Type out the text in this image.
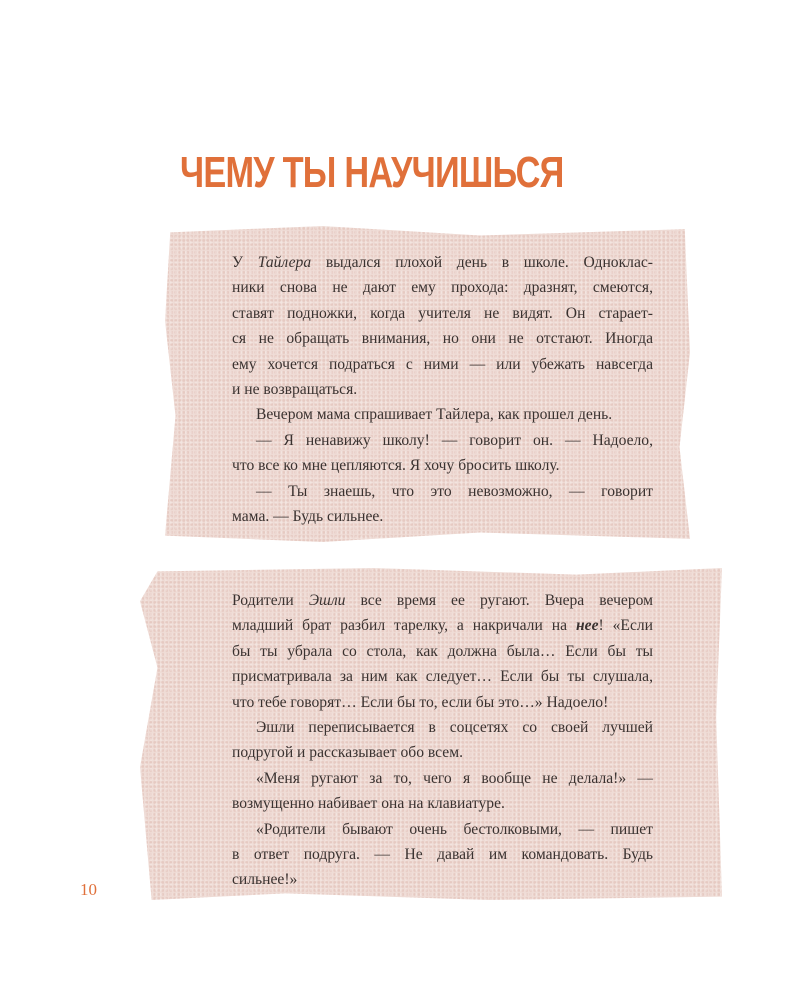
ЧЕМУ ТЫ НАУЧИШЬСЯ
У Тайлера выдался плохой день в школе. Одноклас-
ники снова не дают ему прохода: дразнят, смеются,
ставят подножки, когда учителя не видят. Он старает-
ся не обращать внимания, но они не отстают. Иногда
ему хочется подраться с ними — или убежать навсегда
и не возвращаться.
Вечером мама спрашивает Тайлера, как прошел день.
— Я ненавижу школу! — говорит он. — Надоело,
что все ко мне цепляются. Я хочу бросить школу.
— Ты знаешь, что это невозможно, — говорит
мама. — Будь сильнее.
Родители Эшли все время ее ругают. Вчера вечером
младший брат разбил тарелку, а накричали на нее! «Если
бы ты убрала со стола, как должна была… Если бы ты
присматривала за ним как следует… Если бы ты слушала,
что тебе говорят… Если бы то, если бы это…» Надоело!
Эшли переписывается в соцсетях со своей лучшей
подругой и рассказывает обо всем.
«Меня ругают за то, чего я вообще не делала!» —
возмущенно набивает она на клавиатуре.
«Родители бывают очень бестолковыми, — пишет
в ответ подруга. — Не давай им командовать. Будь
сильнее!»
10
